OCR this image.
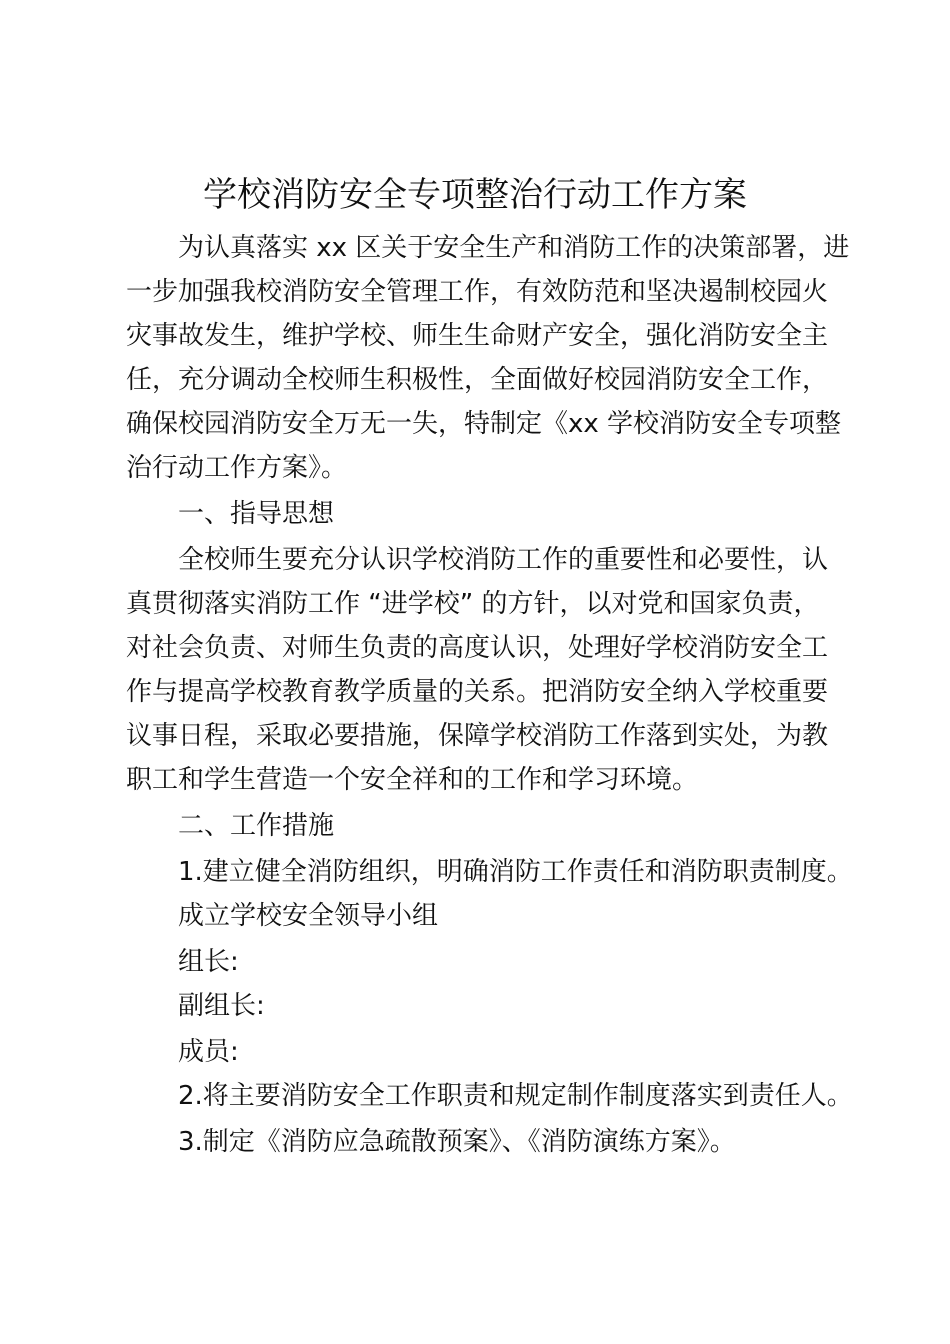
学校消防安全专项整治行动工作方案
为认真落实 xx 区关于安全生产和消防工作的决策部署，进
一步加强我校消防安全管理工作，有效防范和坚决遏制校园火
灾事故发生，维护学校、师生生命财产安全，强化消防安全主
任，充分调动全校师生积极性，全面做好校园消防安全工作，
确保校园消防安全万无一失，特制定《xx 学校消防安全专项整
治行动工作方案》。
一、指导思想
全校师生要充分认识学校消防工作的重要性和必要性，认
真贯彻落实消防工作 “进学校” 的方针，以对党和国家负责，
对社会负责、对师生负责的高度认识，处理好学校消防安全工
作与提高学校教育教学质量的关系。把消防安全纳入学校重要
议事日程，采取必要措施，保障学校消防工作落到实处，为教
职工和学生营造一个安全祥和的工作和学习环境。
二、工作措施
1.建立健全消防组织，明确消防工作责任和消防职责制度。
成立学校安全领导小组
组长:
副组长:
成员:
2.将主要消防安全工作职责和规定制作制度落实到责任人。
3.制定《消防应急疏散预案》、《消防演练方案》。
